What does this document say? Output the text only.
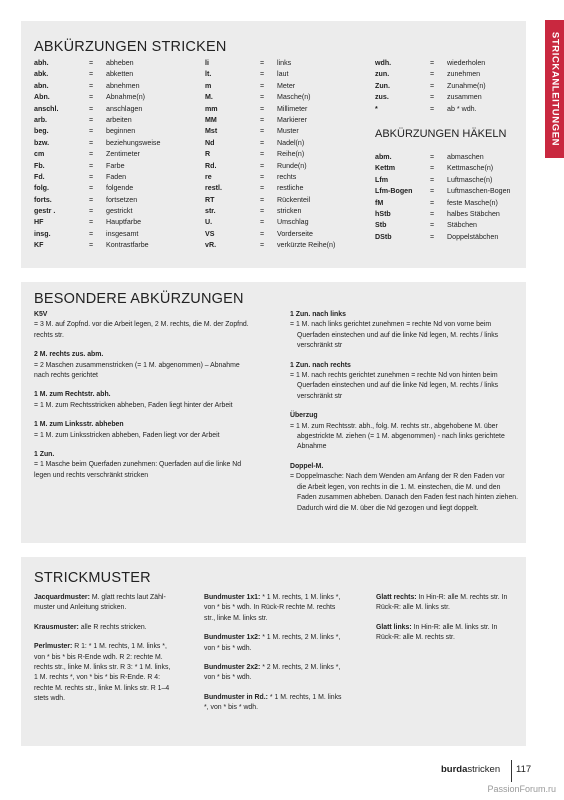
STRICKANLEITUNGEN
ABKÜRZUNGEN STRICKEN
abh.	= abheben
abk.	= abketten
abn.	= abnehmen
Abn.	= Abnahme(n)
anschl.	= anschlagen
arb.	= arbeiten
beg.	= beginnen
bzw.	= beziehungsweise
cm	= Zentimeter
Fb.	= Farbe
Fd.	= Faden
folg.	= folgende
forts.	= fortsetzen
gestr .	= gestrickt
HF	= Hauptfarbe
insg.	= insgesamt
KF	= Kontrastfarbe
li	= links
lt.	= laut
m	= Meter
M.	= Masche(n)
mm	= Millimeter
MM	= Markierer
Mst	= Muster
Nd	= Nadel(n)
R	= Reihe(n)
Rd.	= Runde(n)
re	= rechts
restl.	= restliche
RT	= Rückenteil
str.	= stricken
U.	= Umschlag
VS	= Vorderseite
vR.	= verkürzte Reihe(n)
wdh.	= wiederholen
zun.	= zunehmen
Zun.	= Zunahme(n)
zus.	= zusammen
*	= ab * wdh.
ABKÜRZUNGEN HÄKELN
abm.	= abmaschen
Kettm	= Kettmasche(n)
Lfm	= Luftmasche(n)
Lfm-Bogen = Luftmaschen-Bogen
fM	= feste Masche(n)
hStb	= halbes Stäbchen
Stb	= Stäbchen
DStb	= Doppelstäbchen
BESONDERE ABKÜRZUNGEN

K5V
= 3 M. auf Zopfnd. vor die Arbeit legen, 2 M. rechts, die M. der Zopfnd.
rechts str.

2 M. rechts zus. abm.
= 2 Maschen zusammenstricken (= 1 M. abgenommen) – Abnahme
nach rechts gerichtet

1 M. zum Rechtstr. abh.
= 1 M. zum Rechtsstricken abheben, Faden liegt hinter der Arbeit

1 M. zum Linksstr. abheben
= 1 M. zum Linksstricken abheben, Faden liegt vor der Arbeit

1 Zun.
= 1 Masche beim Querfaden zunehmen: Querfaden auf die linke Nd
legen und rechts verschränkt stricken

1 Zun. nach links
= 1 M. nach links gerichtet zunehmen = rechte Nd von vorne beim
Querfaden einstechen und auf die linke Nd legen, M. rechts / links
verschränkt str

1 Zun. nach rechts
= 1 M. nach rechts gerichtet zunehmen = rechte Nd von hinten beim
Querfaden einstechen und auf die linke Nd legen, M. rechts / links
verschränkt str

Überzug
= 1 M. zum Rechtsstr. abh., folg. M. rechts str., abgehobene M. über
abgestrickte M. ziehen (= 1 M. abgenommen) - nach links gerichtete
Abnahme

Doppel-M.
= Doppelmasche: Nach dem Wenden am Anfang der R den Faden vor
die Arbeit legen, von rechts in die 1. M. einstechen, die M. und den
Faden zusammen abheben. Danach den Faden fest nach hinten ziehen.
Dadurch wird die M. über die Nd gezogen und liegt doppelt.

STRICKMUSTER

Jacquardmuster: M. glatt rechts laut Zähl-
muster und Anleitung stricken.

Krausmuster: alle R rechts stricken.

Perlmuster: R 1: * 1 M. rechts, 1 M. links *,
von * bis * bis R-Ende wdh. R 2: rechte M.
rechts str., linke M. links str. R 3: * 1 M. links,
1 M. rechts *, von * bis * bis R-Ende. R 4:
rechte M. rechts str., linke M. links str. R 1–4
stets wdh.

Bundmuster 1x1: * 1 M. rechts, 1 M. links *,
von * bis * wdh. In Rück-R rechte M. rechts
str., linke M. links str.

Bundmuster 1x2: * 1 M. rechts, 2 M. links *,
von * bis * wdh.

Bundmuster 2x2: * 2 M. rechts, 2 M. links *,
von * bis * wdh.

Bundmuster in Rd.: * 1 M. rechts, 1 M. links
*, von * bis * wdh.

Glatt rechts: In Hin-R: alle M. rechts str. In
Rück-R: alle M. links str.

Glatt links: In Hin-R: alle M. links str. In
Rück-R: alle M. rechts str.

burdastricken 117
PassionForum.ru
